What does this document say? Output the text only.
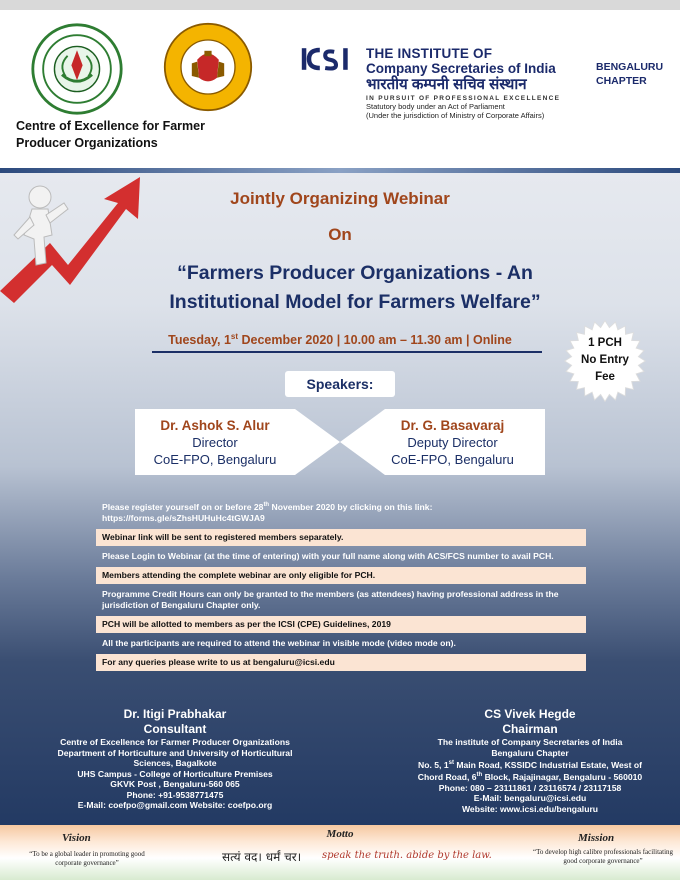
Centre of Excellence for Farmer
Producer Organizations
THE INSTITUTE OF
Company Secretaries of India
भारतीय कम्पनी सचिव संस्थान
IN PURSUIT OF PROFESSIONAL EXCELLENCE
Statutory body under an Act of Parliament
(Under the jurisdiction of Ministry of Corporate Affairs)
BENGALURU
CHAPTER
Jointly Organizing Webinar
On
“Farmers Producer Organizations - An
Institutional Model for Farmers Welfare”
Tuesday, 1st December 2020 | 10.00 am – 11.30 am | Online	1 PCH
No Entry
Fee
Speakers:
Dr. Ashok S. Alur
Director
CoE-FPO, Bengaluru
Dr. G. Basavaraj
Deputy Director
CoE-FPO, Bengaluru
Please register yourself on or before 28th November 2020 by clicking on this link:
https://forms.gle/sZhsHUHuHc4tGWJA9
Webinar link will be sent to registered members separately.
Please Login to Webinar (at the time of entering) with your full name along with ACS/FCS number to avail PCH.
Members attending the complete webinar are only eligible for PCH.
Programme Credit Hours can only be granted to the members (as attendees) having professional address in the jurisdiction of Bengaluru Chapter only.
PCH will be allotted to members as per the ICSI (CPE) Guidelines, 2019
All the participants are required to attend the webinar in visible mode (video mode on).
For any queries please write to us at bengaluru@icsi.edu
Dr. Itigi Prabhakar
Consultant
Centre of Excellence for Farmer Producer Organizations
Department of Horticulture and University of Horticultural
Sciences, Bagalkote
UHS Campus - College of Horticulture Premises
GKVK Post , Bengaluru-560 065
Phone: +91-9538771475
E-Mail: coefpo@gmail.com Website: coefpo.org
CS Vivek Hegde
Chairman
The institute of Company Secretaries of India
Bengaluru Chapter
No. 5, 1st Main Road, KSSIDC Industrial Estate, West of
Chord Road, 6th Block, Rajajinagar, Bengaluru - 560010
Phone: 080 – 23111861 / 23116574 / 23117158
E-Mail: bengaluru@icsi.edu
Website: www.icsi.edu/bengaluru
Vision
“To be a global leader in promoting good corporate governance”
Motto
सत्यं वद। धर्मं चर। speak the truth. abide by the law.
Mission
“To develop high calibre professionals facilitating good corporate governance”
